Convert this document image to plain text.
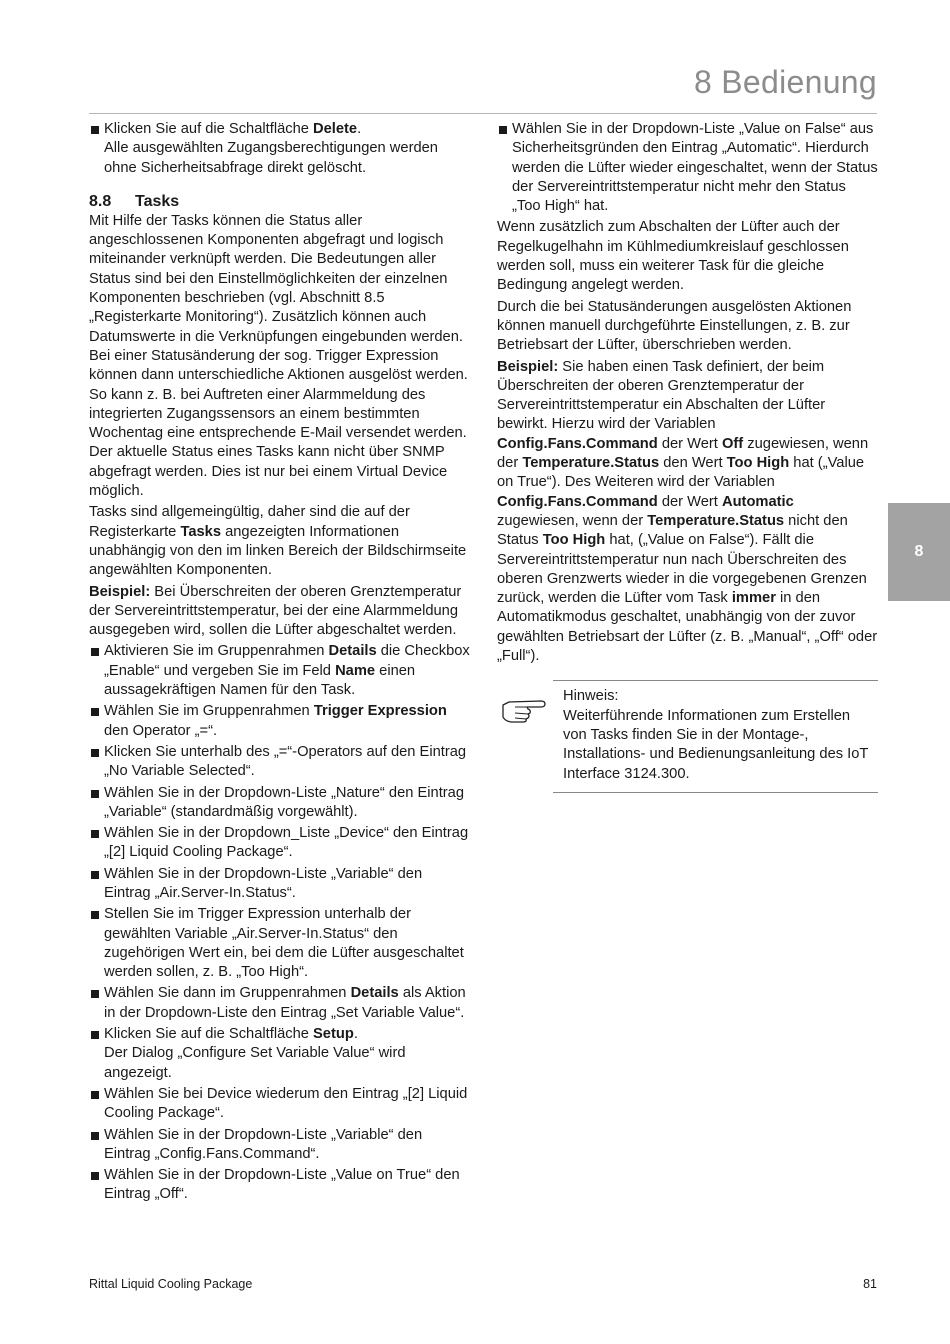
8 Bedienung
Klicken Sie auf die Schaltfläche Delete.
Alle ausgewählten Zugangsberechtigungen werden ohne Sicherheitsabfrage direkt gelöscht.
8.8 Tasks

Mit Hilfe der Tasks können die Status aller angeschlossenen Komponenten abgefragt und logisch miteinander verknüpft werden. Die Bedeutungen aller Status sind bei den Einstellmöglichkeiten der einzelnen Komponenten beschrieben (vgl. Abschnitt 8.5 „Registerkarte Monitoring“). Zusätzlich können auch Datumswerte in die Verknüpfungen eingebunden werden. Bei einer Statusänderung der sog. Trigger Expression können dann unterschiedliche Aktionen ausgelöst werden. So kann z. B. bei Auftreten einer Alarmmeldung des integrierten Zugangssensors an einem bestimmten Wochentag eine entsprechende E-Mail versendet werden. Der aktuelle Status eines Tasks kann nicht über SNMP abgefragt werden. Dies ist nur bei einem Virtual Device möglich.

Tasks sind allgemeingültig, daher sind die auf der Registerkarte Tasks angezeigten Informationen unabhängig von den im linken Bereich der Bildschirmseite angewählten Komponenten.

Beispiel: Bei Überschreiten der oberen Grenztemperatur der Servereintrittstemperatur, bei der eine Alarmmeldung ausgegeben wird, sollen die Lüfter abgeschaltet werden.

Aktivieren Sie im Gruppenrahmen Details die Checkbox „Enable“ und vergeben Sie im Feld Name einen aussagekräftigen Namen für den Task.
Wählen Sie im Gruppenrahmen Trigger Expression den Operator „=“.
Klicken Sie unterhalb des „=“-Operators auf den Eintrag „No Variable Selected“.
Wählen Sie in der Dropdown-Liste „Nature“ den Eintrag „Variable“ (standardmäßig vorgewählt).
Wählen Sie in der Dropdown_Liste „Device“ den Eintrag „[2] Liquid Cooling Package“.
Wählen Sie in der Dropdown-Liste „Variable“ den Eintrag „Air.Server-In.Status“.
Stellen Sie im Trigger Expression unterhalb der gewählten Variable „Air.Server-In.Status“ den zugehörigen Wert ein, bei dem die Lüfter ausgeschaltet werden sollen, z. B. „Too High“.
Wählen Sie dann im Gruppenrahmen Details als Aktion in der Dropdown-Liste den Eintrag „Set Variable Value“.
Klicken Sie auf die Schaltfläche Setup.
Der Dialog „Configure Set Variable Value“ wird angezeigt.
Wählen Sie bei Device wiederum den Eintrag „[2] Liquid Cooling Package“.
Wählen Sie in der Dropdown-Liste „Variable“ den Eintrag „Config.Fans.Command“.
Wählen Sie in der Dropdown-Liste „Value on True“ den Eintrag „Off“.
Wählen Sie in der Dropdown-Liste „Value on False“ aus Sicherheitsgründen den Eintrag „Automatic“. Hierdurch werden die Lüfter wieder eingeschaltet, wenn der Status der Servereintrittstemperatur nicht mehr den Status „Too High“ hat.

Wenn zusätzlich zum Abschalten der Lüfter auch der Regelkugelhahn im Kühlmediumkreislauf geschlossen werden soll, muss ein weiterer Task für die gleiche Bedingung angelegt werden.

Durch die bei Statusänderungen ausgelösten Aktionen können manuell durchgeführte Einstellungen, z. B. zur Betriebsart der Lüfter, überschrieben werden.

Beispiel: Sie haben einen Task definiert, der beim Überschreiten der oberen Grenztemperatur der Servereintrittstemperatur ein Abschalten der Lüfter bewirkt. Hierzu wird der Variablen Config.Fans.Command der Wert Off zugewiesen, wenn der Temperature.Status den Wert Too High hat („Value on True“). Des Weiteren wird der Variablen Config.Fans.Command der Wert Automatic zugewiesen, wenn der Temperature.Status nicht den Status Too High hat, („Value on False“). Fällt die Servereintrittstemperatur nun nach Überschreiten des oberen Grenzwerts wieder in die vorgegebenen Grenzen zurück, werden die Lüfter vom Task immer in den Automatikmodus geschaltet, unabhängig von der zuvor gewählten Betriebsart der Lüfter (z. B. „Manual“, „Off“ oder „Full“).

Hinweis:
Weiterführende Informationen zum Erstellen von Tasks finden Sie in der Montage-, Installations- und Bedienungsanleitung des IoT Interface 3124.300.
8
Rittal Liquid Cooling Package	81
